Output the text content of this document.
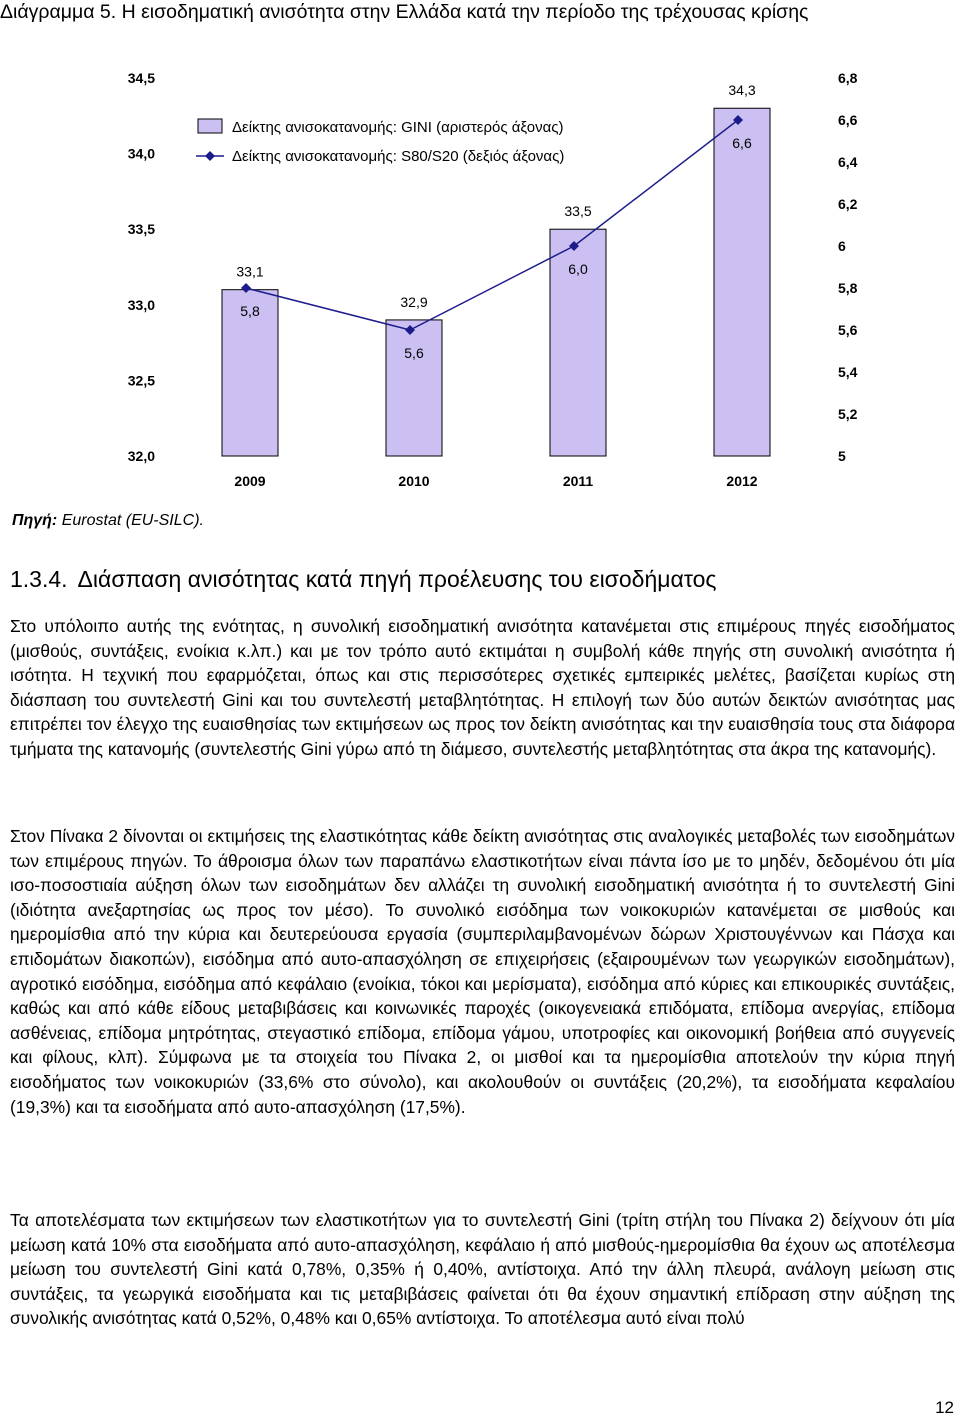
Διάγραμμα 5. Η εισοδηματική ανισότητα στην Ελλάδα κατά την περίοδο της τρέχουσας κρίσης
34,5
34,0
33,5
33,0
32,5
32,0
6,8
6,6
6,4
6,2
6
5,8
5,6
5,4
5,2
5
33,1
32,9
33,5
34,3
5,8
5,6
6,0
6,6
2009	2010	2011	2012
Δείκτης ανισοκατανομής: GINI (αριστερός άξονας)
Δείκτης ανισοκατανομής: S80/S20 (δεξιός άξονας)
Πηγή: Eurostat (EU-SILC).
1.3.4. Διάσπαση ανισότητας κατά πηγή προέλευσης του εισοδήματος

Στο υπόλοιπο αυτής της ενότητας, η συνολική εισοδηματική ανισότητα κατανέμεται στις επιμέρους πηγές εισοδήματος (μισθούς, συντάξεις, ενοίκια κ.λπ.) και με τον τρόπο αυτό εκτιμάται η συμβολή κάθε πηγής στη συνολική ανισότητα ή ισότητα. Η τεχνική που εφαρμόζεται, όπως και στις περισσότερες σχετικές εμπειρικές μελέτες, βασίζεται κυρίως στη διάσπαση του συντελεστή Gini και του συντελεστή μεταβλητότητας. Η επιλογή των δύο αυτών δεικτών ανισότητας μας επιτρέπει τον έλεγχο της ευαισθησίας των εκτιμήσεων ως προς τον δείκτη ανισότητας και την ευαισθησία τους στα διάφορα τμήματα της κατανομής (συντελεστής Gini γύρω από τη διάμεσο, συντελεστής μεταβλητότητας στα άκρα της κατανομής).

Στον Πίνακα 2 δίνονται οι εκτιμήσεις της ελαστικότητας κάθε δείκτη ανισότητας στις αναλογικές μεταβολές των εισοδημάτων των επιμέρους πηγών. Το άθροισμα όλων των παραπάνω ελαστικοτήτων είναι πάντα ίσο με το μηδέν, δεδομένου ότι μία ισο-ποσοστιαία αύξηση όλων των εισοδημάτων δεν αλλάζει τη συνολική εισοδηματική ανισότητα ή το συντελεστή Gini (ιδιότητα ανεξαρτησίας ως προς τον μέσο). Το συνολικό εισόδημα των νοικοκυριών κατανέμεται σε μισθούς και ημερομίσθια από την κύρια και δευτερεύουσα εργασία (συμπεριλαμβανομένων δώρων Χριστουγέννων και Πάσχα και επιδομάτων διακοπών), εισόδημα από αυτο-απασχόληση σε επιχειρήσεις (εξαιρουμένων των γεωργικών εισοδημάτων), αγροτικό εισόδημα, εισόδημα από κεφάλαιο (ενοίκια, τόκοι και μερίσματα), εισόδημα από κύριες και επικουρικές συντάξεις, καθώς και από κάθε είδους μεταβιβάσεις και κοινωνικές παροχές (οικογενειακά επιδόματα, επίδομα ανεργίας, επίδομα ασθένειας, επίδομα μητρότητας, στεγαστικό επίδομα, επίδομα γάμου, υποτροφίες και οικονομική βοήθεια από συγγενείς και φίλους, κλπ). Σύμφωνα με τα στοιχεία του Πίνακα 2, οι μισθοί και τα ημερομίσθια αποτελούν την κύρια πηγή εισοδήματος των νοικοκυριών (33,6% στο σύνολο), και ακολουθούν οι συντάξεις (20,2%), τα εισοδήματα κεφαλαίου (19,3%) και τα εισοδήματα από αυτο-απασχόληση (17,5%).

Τα αποτελέσματα των εκτιμήσεων των ελαστικοτήτων για το συντελεστή Gini (τρίτη στήλη του Πίνακα 2) δείχνουν ότι μία μείωση κατά 10% στα εισοδήματα από αυτο-απασχόληση, κεφάλαιο ή από μισθούς-ημερομίσθια θα έχουν ως αποτέλεσμα μείωση του συντελεστή Gini κατά 0,78%, 0,35% ή 0,40%, αντίστοιχα. Από την άλλη πλευρά, ανάλογη μείωση στις συντάξεις, τα γεωργικά εισοδήματα και τις μεταβιβάσεις φαίνεται ότι θα έχουν σημαντική επίδραση στην αύξηση της συνολικής ανισότητας κατά 0,52%, 0,48% και 0,65% αντίστοιχα. Το αποτέλεσμα αυτό είναι πολύ

12
